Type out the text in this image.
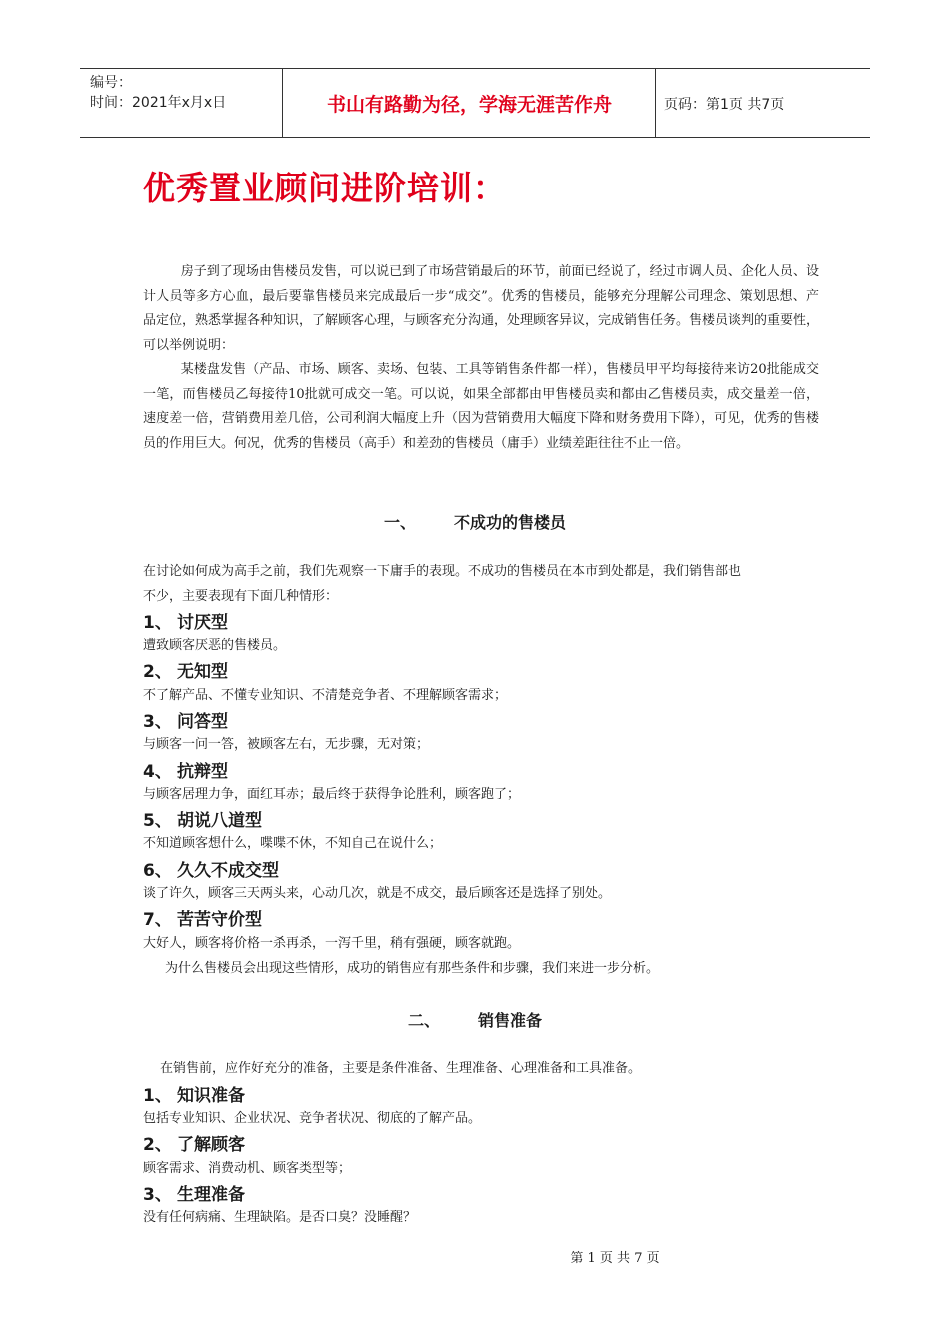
编号：
时间：2021年x月x日	书山有路勤为径，学海无涯苦作舟	页码：第1页 共7页
优秀置业顾问进阶培训：

房子到了现场由售楼员发售，可以说已到了市场营销最后的环节，前面已经说了，经过市调人员、企化人员、设计人员等多方心血，最后要靠售楼员来完成最后一步“成交”。优秀的售楼员，能够充分理解公司理念、策划思想、产品定位，熟悉掌握各种知识，了解顾客心理，与顾客充分沟通，处理顾客异议，完成销售任务。售楼员谈判的重要性，可以举例说明：

某楼盘发售（产品、市场、顾客、卖场、包装、工具等销售条件都一样），售楼员甲平均每接待来访20批能成交一笔，而售楼员乙每接待10批就可成交一笔。可以说，如果全部都由甲售楼员卖和都由乙售楼员卖，成交量差一倍，速度差一倍，营销费用差几倍，公司利润大幅度上升（因为营销费用大幅度下降和财务费用下降），可见，优秀的售楼员的作用巨大。何况，优秀的售楼员（高手）和差劲的售楼员（庸手）业绩差距往往不止一倍。

一、 不成功的售楼员
在讨论如何成为高手之前，我们先观察一下庸手的表现。不成功的售楼员在本市到处都是，我们销售部也
不少，主要表现有下面几种情形：
1、 讨厌型
遭致顾客厌恶的售楼员。
2、 无知型
不了解产品、不懂专业知识、不清楚竞争者、不理解顾客需求；
3、 问答型
与顾客一问一答，被顾客左右，无步骤，无对策；
4、 抗辩型
与顾客居理力争，面红耳赤；最后终于获得争论胜利，顾客跑了；
5、 胡说八道型
不知道顾客想什么，喋喋不休，不知自己在说什么；
6、 久久不成交型
谈了许久，顾客三天两头来，心动几次，就是不成交，最后顾客还是选择了别处。
7、 苦苦守价型
大好人，顾客将价格一杀再杀，一泻千里，稍有强硬，顾客就跑。
为什么售楼员会出现这些情形，成功的销售应有那些条件和步骤，我们来进一步分析。
二、 销售准备
在销售前，应作好充分的准备，主要是条件准备、生理准备、心理准备和工具准备。
1、 知识准备
包括专业知识、企业状况、竞争者状况、彻底的了解产品。
2、 了解顾客
顾客需求、消费动机、顾客类型等；
3、 生理准备
没有任何病痛、生理缺陷。是否口臭？没睡醒？
第 1 页 共 7 页
